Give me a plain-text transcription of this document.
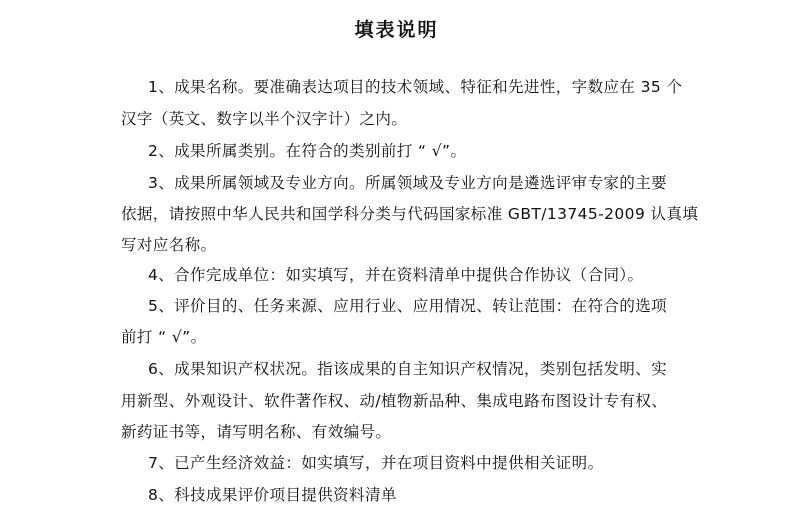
填表说明
1、成果名称。要准确表达项目的技术领域、特征和先进性，字数应在 35 个
汉字（英文、数字以半个汉字计）之内。
2、成果所属类别。在符合的类别前打 “ √”。
3、成果所属领域及专业方向。所属领域及专业方向是遴选评审专家的主要
依据，请按照中华人民共和国学科分类与代码国家标准 GBT/13745-2009 认真填
写对应名称。
4、合作完成单位：如实填写，并在资料清单中提供合作协议（合同）。
5、评价目的、任务来源、应用行业、应用情况、转让范围：在符合的选项
前打 “ √”。
6、成果知识产权状况。指该成果的自主知识产权情况，类别包括发明、实
用新型、外观设计、软件著作权、动/植物新品种、集成电路布图设计专有权、
新药证书等，请写明名称、有效编号。
7、已产生经济效益：如实填写，并在项目资料中提供相关证明。
8、科技成果评价项目提供资料清单
